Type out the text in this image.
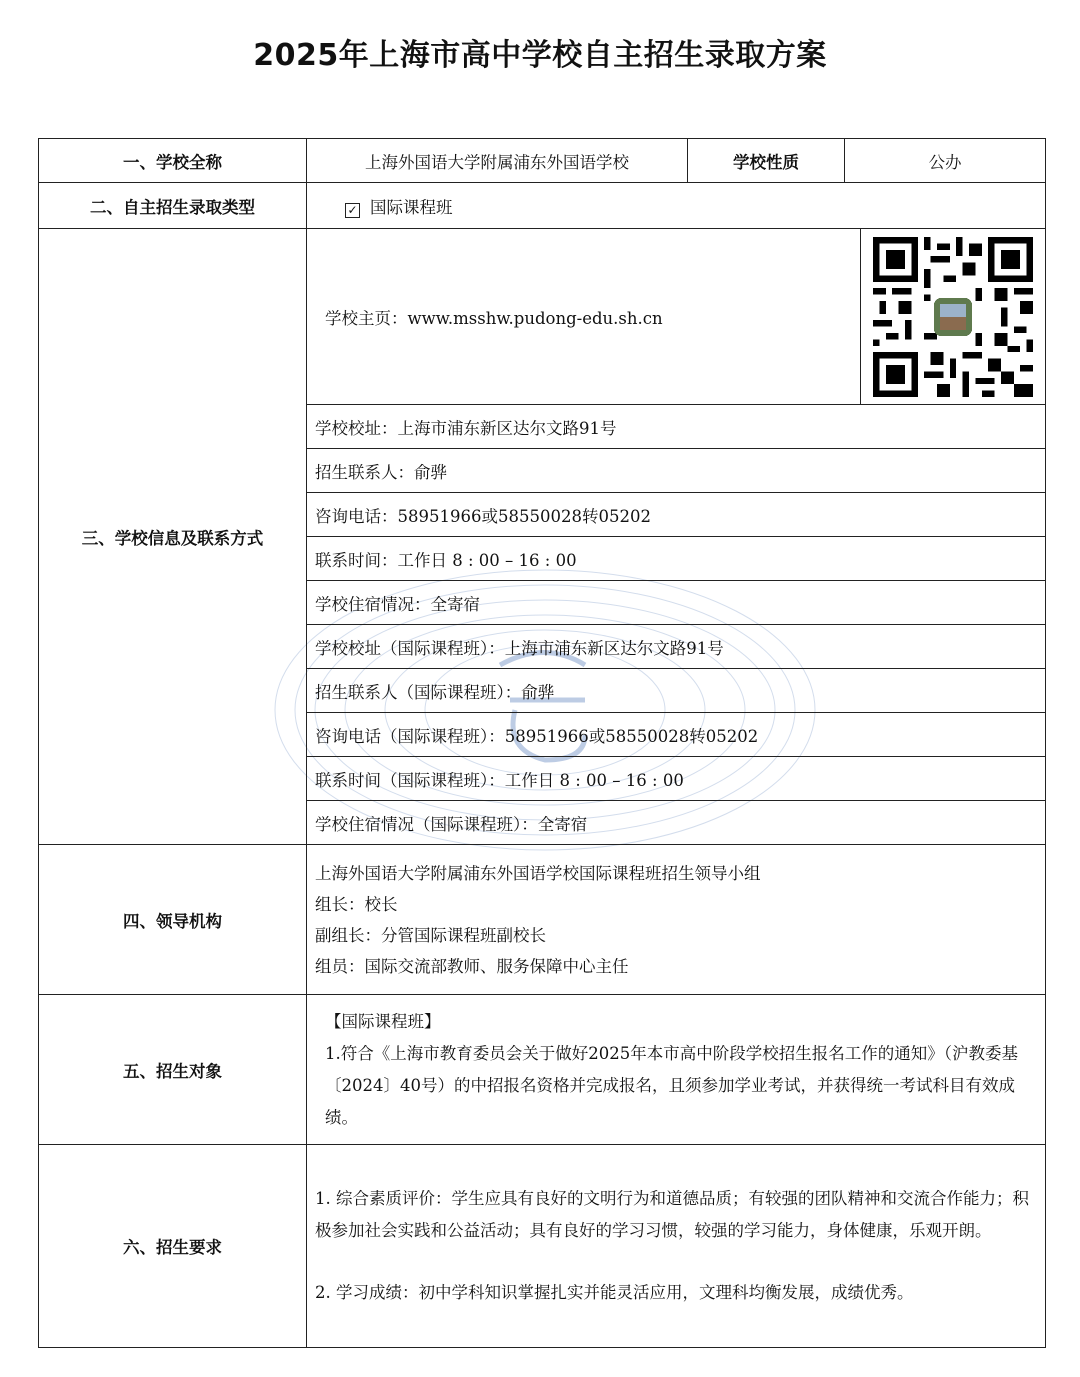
2025年上海市高中学校自主招生录取方案
一、学校全称	上海外国语大学附属浦东外国语学校	学校性质	公办	
二、自主招生录取类型	✓ 国际课程班			
三、学校信息及联系方式	学校主页：www.msshw.pudong-edu.sh.cn	

	学校校址：上海市浦东新区达尔文路91号			
	招生联系人：俞骅			
	咨询电话：58951966或58550028转05202			
	联系时间：工作日 8 : 00 – 16 : 00			
	学校住宿情况：全寄宿			
	学校校址（国际课程班）：上海市浦东新区达尔文路91号			
	招生联系人（国际课程班）：俞骅			
	咨询电话（国际课程班）：58951966或58550028转05202			
	联系时间（国际课程班）：工作日 8 : 00 – 16 : 00			
	学校住宿情况（国际课程班）：全寄宿			
四、领导机构	上海外国语大学附属浦东外国语学校国际课程班招生领导小组
组长：校长
副组长：分管国际课程班副校长
组员：国际交流部教师、服务保障中心主任			

五、招生对象	【国际课程班】
1.符合《上海市教育委员会关于做好2025年本市高中阶段学校招生报名工作的通知》（沪教委基〔2024〕40号）的中招报名资格并完成报名，且须参加学业考试，并获得统一考试科目有效成绩。			

六、招生要求	1. 综合素质评价：学生应具有良好的文明行为和道德品质；有较强的团队精神和交流合作能力；积极参加社会实践和公益活动；具有良好的学习习惯，较强的学习能力，身体健康，乐观开朗。
2. 学习成绩：初中学科知识掌握扎实并能灵活应用，文理科均衡发展，成绩优秀。			
